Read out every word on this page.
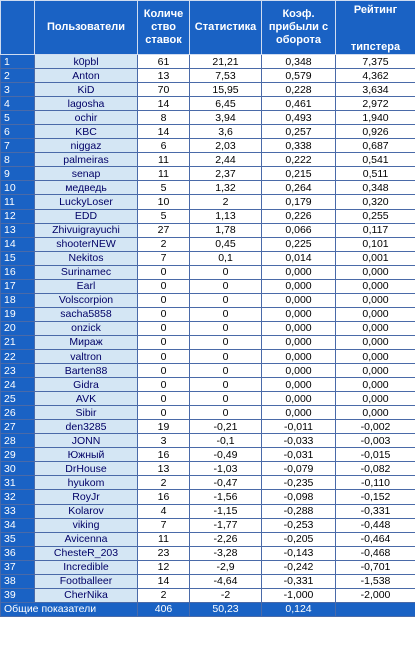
	Пользователи	Количе
ство
ставок	Статистика	Коэф.
прибыли с
оборота	Рейтинг
типстера

1	k0pbl	61	21,21	0,348	7,375
2	Anton	13	7,53	0,579	4,362
3	KiD	70	15,95	0,228	3,634
4	lagosha	14	6,45	0,461	2,972
5	ochir	8	3,94	0,493	1,940
6	KBC	14	3,6	0,257	0,926
7	niggaz	6	2,03	0,338	0,687
8	palmeiras	11	2,44	0,222	0,541
9	senap	11	2,37	0,215	0,511
10	медведь	5	1,32	0,264	0,348
11	LuckyLoser	10	2	0,179	0,320
12	EDD	5	1,13	0,226	0,255
13	Zhivuigrayuchi	27	1,78	0,066	0,117
14	shooterNEW	2	0,45	0,225	0,101
15	Nekitos	7	0,1	0,014	0,001
16	Surinamec	0	0	0,000	0,000
17	Earl	0	0	0,000	0,000
18	Volscorpion	0	0	0,000	0,000
19	sacha5858	0	0	0,000	0,000
20	onzick	0	0	0,000	0,000
21	Мираж	0	0	0,000	0,000
22	valtron	0	0	0,000	0,000
23	Barten88	0	0	0,000	0,000
24	Gidra	0	0	0,000	0,000
25	AVK	0	0	0,000	0,000
26	Sibir	0	0	0,000	0,000
27	den3285	19	-0,21	-0,011	-0,002
28	JONN	3	-0,1	-0,033	-0,003
29	Южный	16	-0,49	-0,031	-0,015
30	DrHouse	13	-1,03	-0,079	-0,082
31	hyukom	2	-0,47	-0,235	-0,110
32	RoyJr	16	-1,56	-0,098	-0,152
33	Kolarov	4	-1,15	-0,288	-0,331
34	viking	7	-1,77	-0,253	-0,448
35	Avicenna	11	-2,26	-0,205	-0,464
36	ChesteR_203	23	-3,28	-0,143	-0,468
37	Incredible	12	-2,9	-0,242	-0,701
38	Footballeer	14	-4,64	-0,331	-1,538
39	CherNika	2	-2	-1,000	-2,000
Общие показатели		406	50,23	0,124	
